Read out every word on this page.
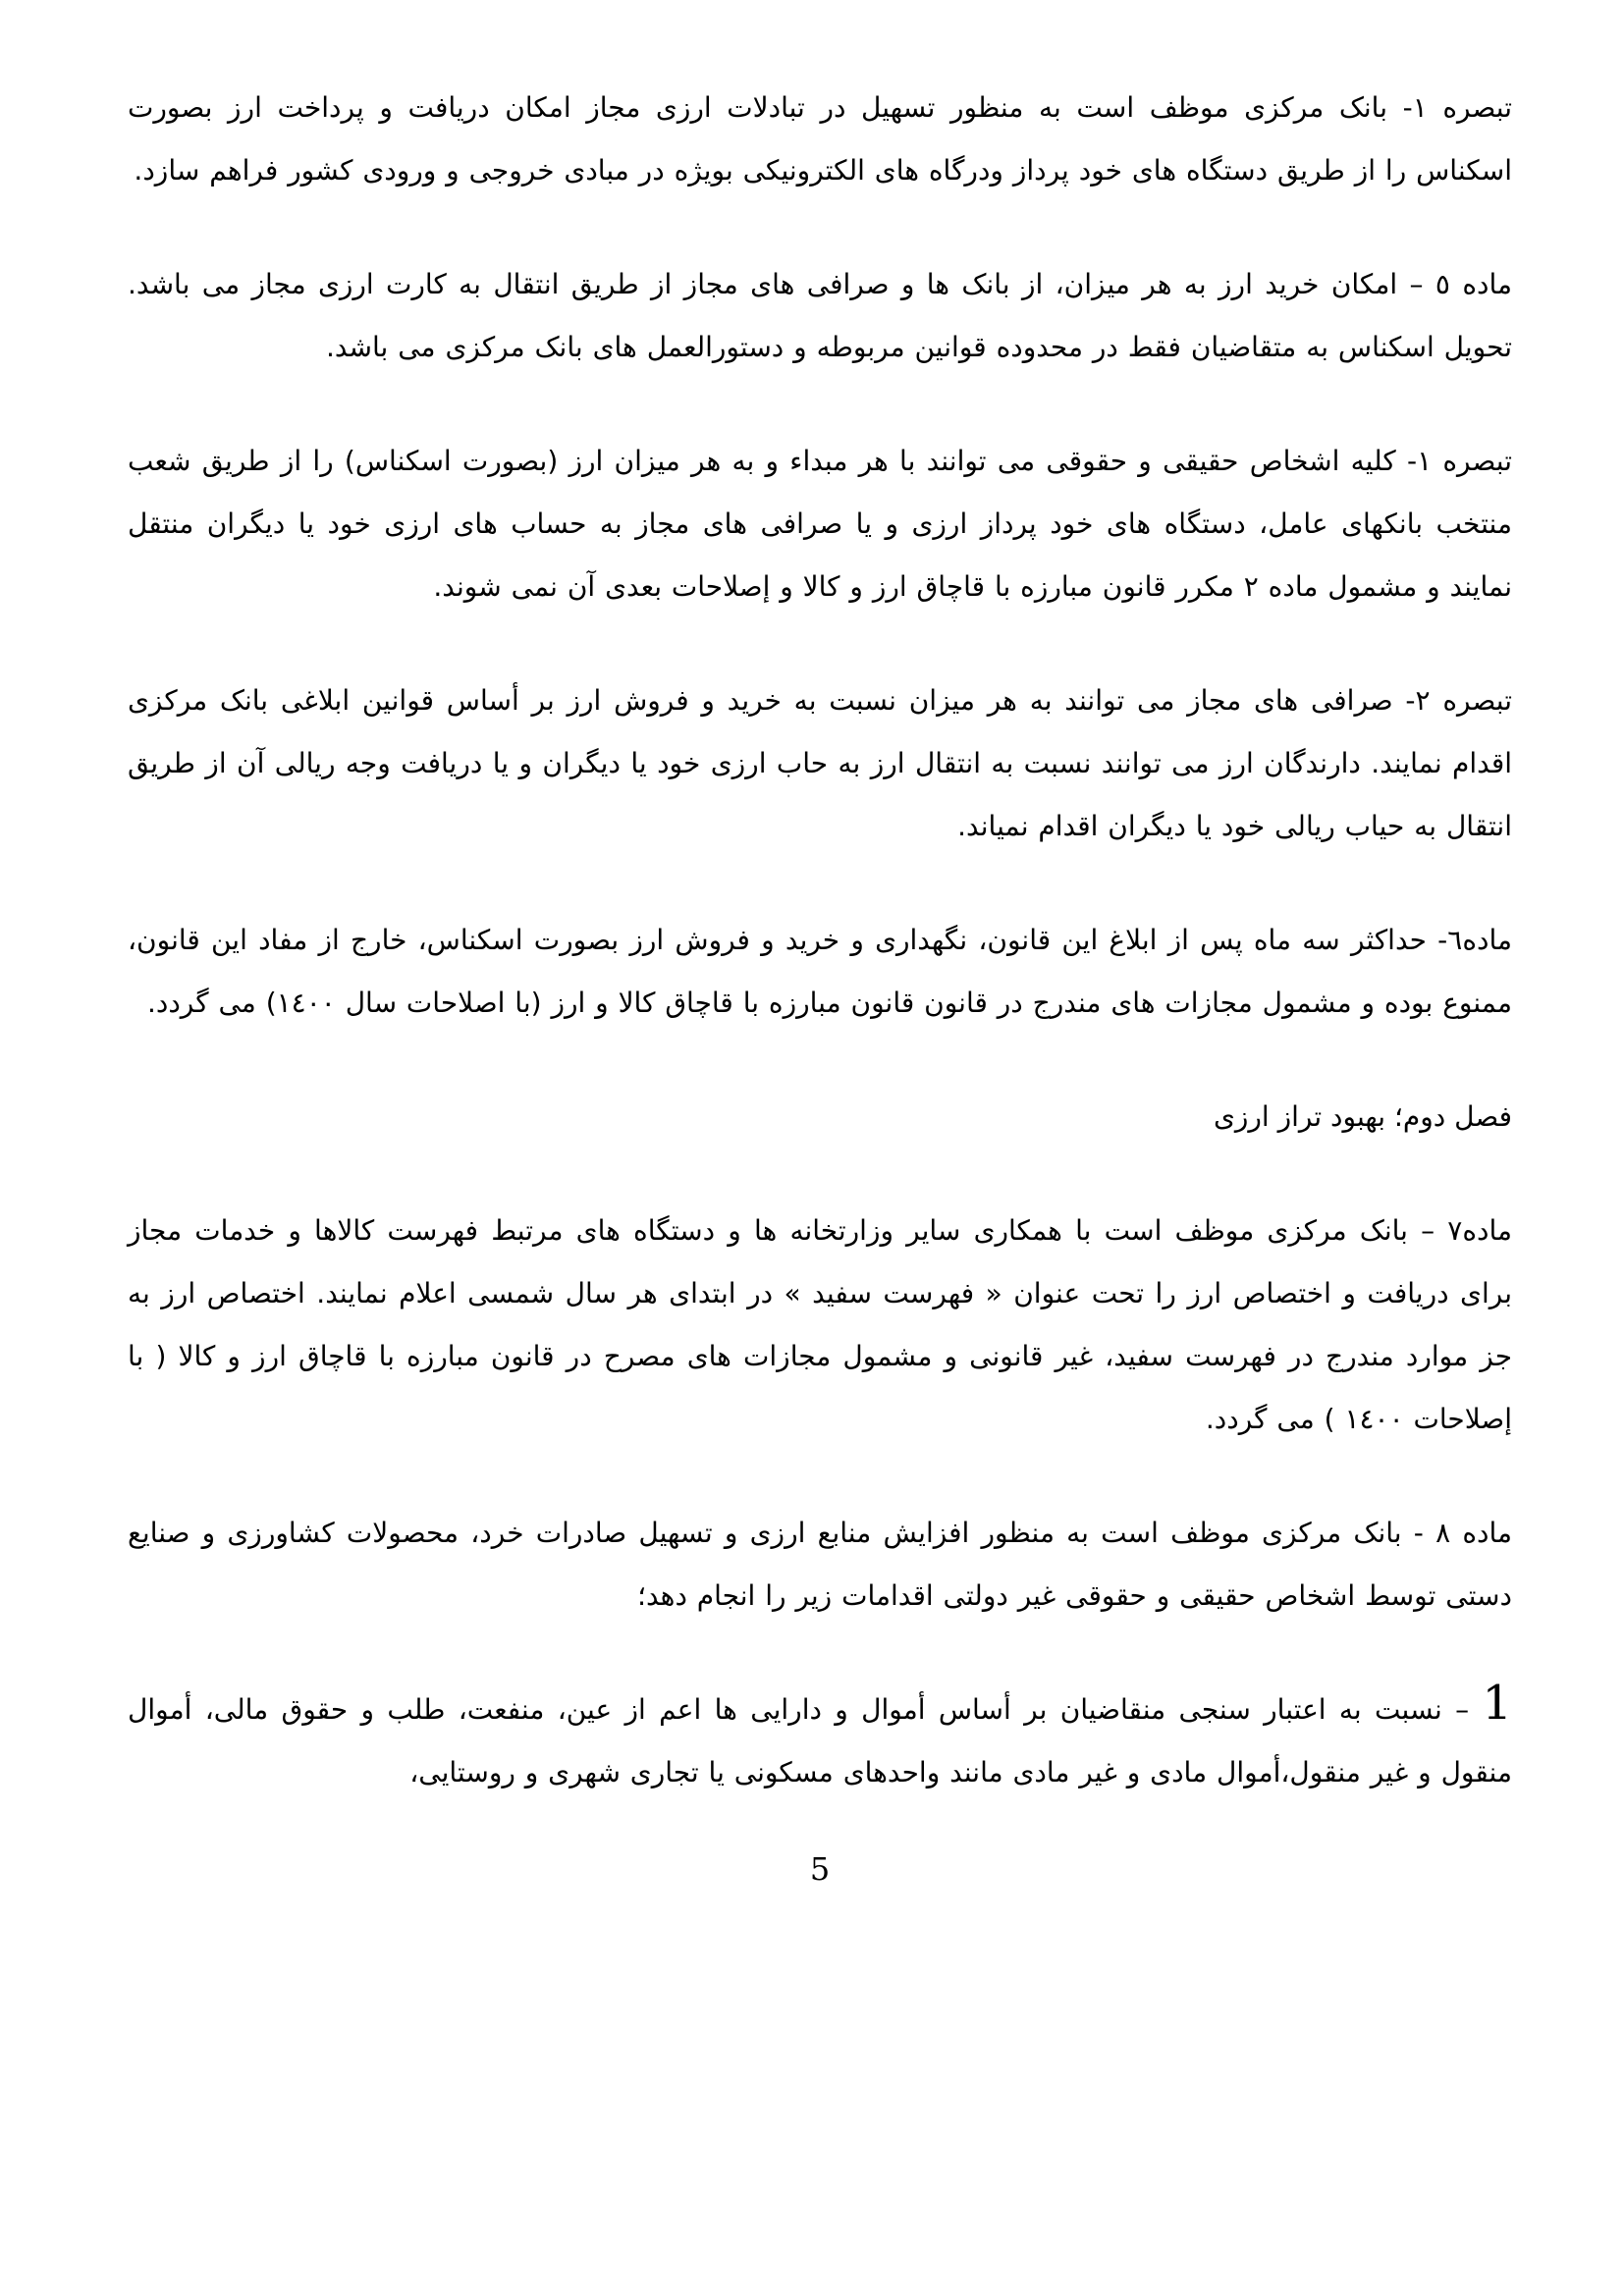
تبصره ١- بانک مرکزی موظف است به منظور تسهیل در تبادلات ارزی مجاز امکان دریافت و پرداخت ارز بصورت اسکناس را از طریق دستگاه های خود پرداز ودرگاه های الکترونیکی بویژه در مبادی خروجی و ورودی کشور فراهم سازد.

ماده ٥ – امکان خرید ارز به هر میزان، از بانک ها و صرافی های مجاز از طریق انتقال به کارت ارزی مجاز می باشد. تحویل اسکناس به متقاضیان فقط در محدوده قوانین مربوطه و دستورالعمل های بانک مرکزی می باشد.

تبصره ١- کلیه اشخاص حقیقی و حقوقی می توانند با هر مبداء و به هر میزان ارز (بصورت اسکناس) را از طریق شعب منتخب بانکهای عامل، دستگاه های خود پرداز ارزی و یا صرافی های مجاز به حساب های ارزی خود یا دیگران منتقل نمایند و مشمول ماده ٢ مکرر قانون مبارزه با قاچاق ارز و کالا و إصلاحات بعدی آن نمی شوند.

تبصره ٢- صرافی های مجاز می توانند به هر میزان نسبت به خرید و فروش ارز بر أساس قوانین ابلاغی بانک مرکزی اقدام نمایند. دارندگان ارز می توانند نسبت به انتقال ارز به حاب ارزی خود یا دیگران و یا دریافت وجه ریالی آن از طریق انتقال به حیاب ریالی خود یا دیگران اقدام نمیاند.

ماده٦- حداکثر سه ماه پس از ابلاغ این قانون، نگهداری و خرید و فروش ارز بصورت اسکناس، خارج از مفاد این قانون، ممنوع بوده و مشمول مجازات های مندرج در قانون قانون مبارزه با قاچاق کالا و ارز (با اصلاحات سال ١٤٠٠) می گردد.

فصل دوم؛ بهبود تراز ارزی

ماده٧ – بانک مرکزی موظف است با همکاری سایر وزارتخانه ها و دستگاه های مرتبط فهرست کالاها و خدمات مجاز برای دریافت و اختصاص ارز را تحت عنوان « فهرست سفید » در ابتدای هر سال شمسی اعلام نمایند. اختصاص ارز به جز موارد مندرج در فهرست سفید، غیر قانونی و مشمول مجازات های مصرح در قانون مبارزه با قاچاق ارز و کالا ( با إصلاحات ١٤٠٠ ) می گردد.

ماده ٨ - بانک مرکزی موظف است به منظور افزایش منابع ارزی و تسهیل صادرات خرد، محصولات کشاورزی و صنایع دستی توسط اشخاص حقیقی و حقوقی غیر دولتی اقدامات زیر را انجام دهد؛

1 – نسبت به اعتبار سنجی منقاضیان بر أساس أموال و دارایی ها اعم از عین، منفعت، طلب و حقوق مالی، أموال منقول و غیر منقول،أموال مادی و غیر مادی مانند واحدهای مسکونی یا تجاری شهری و روستایی،

5
